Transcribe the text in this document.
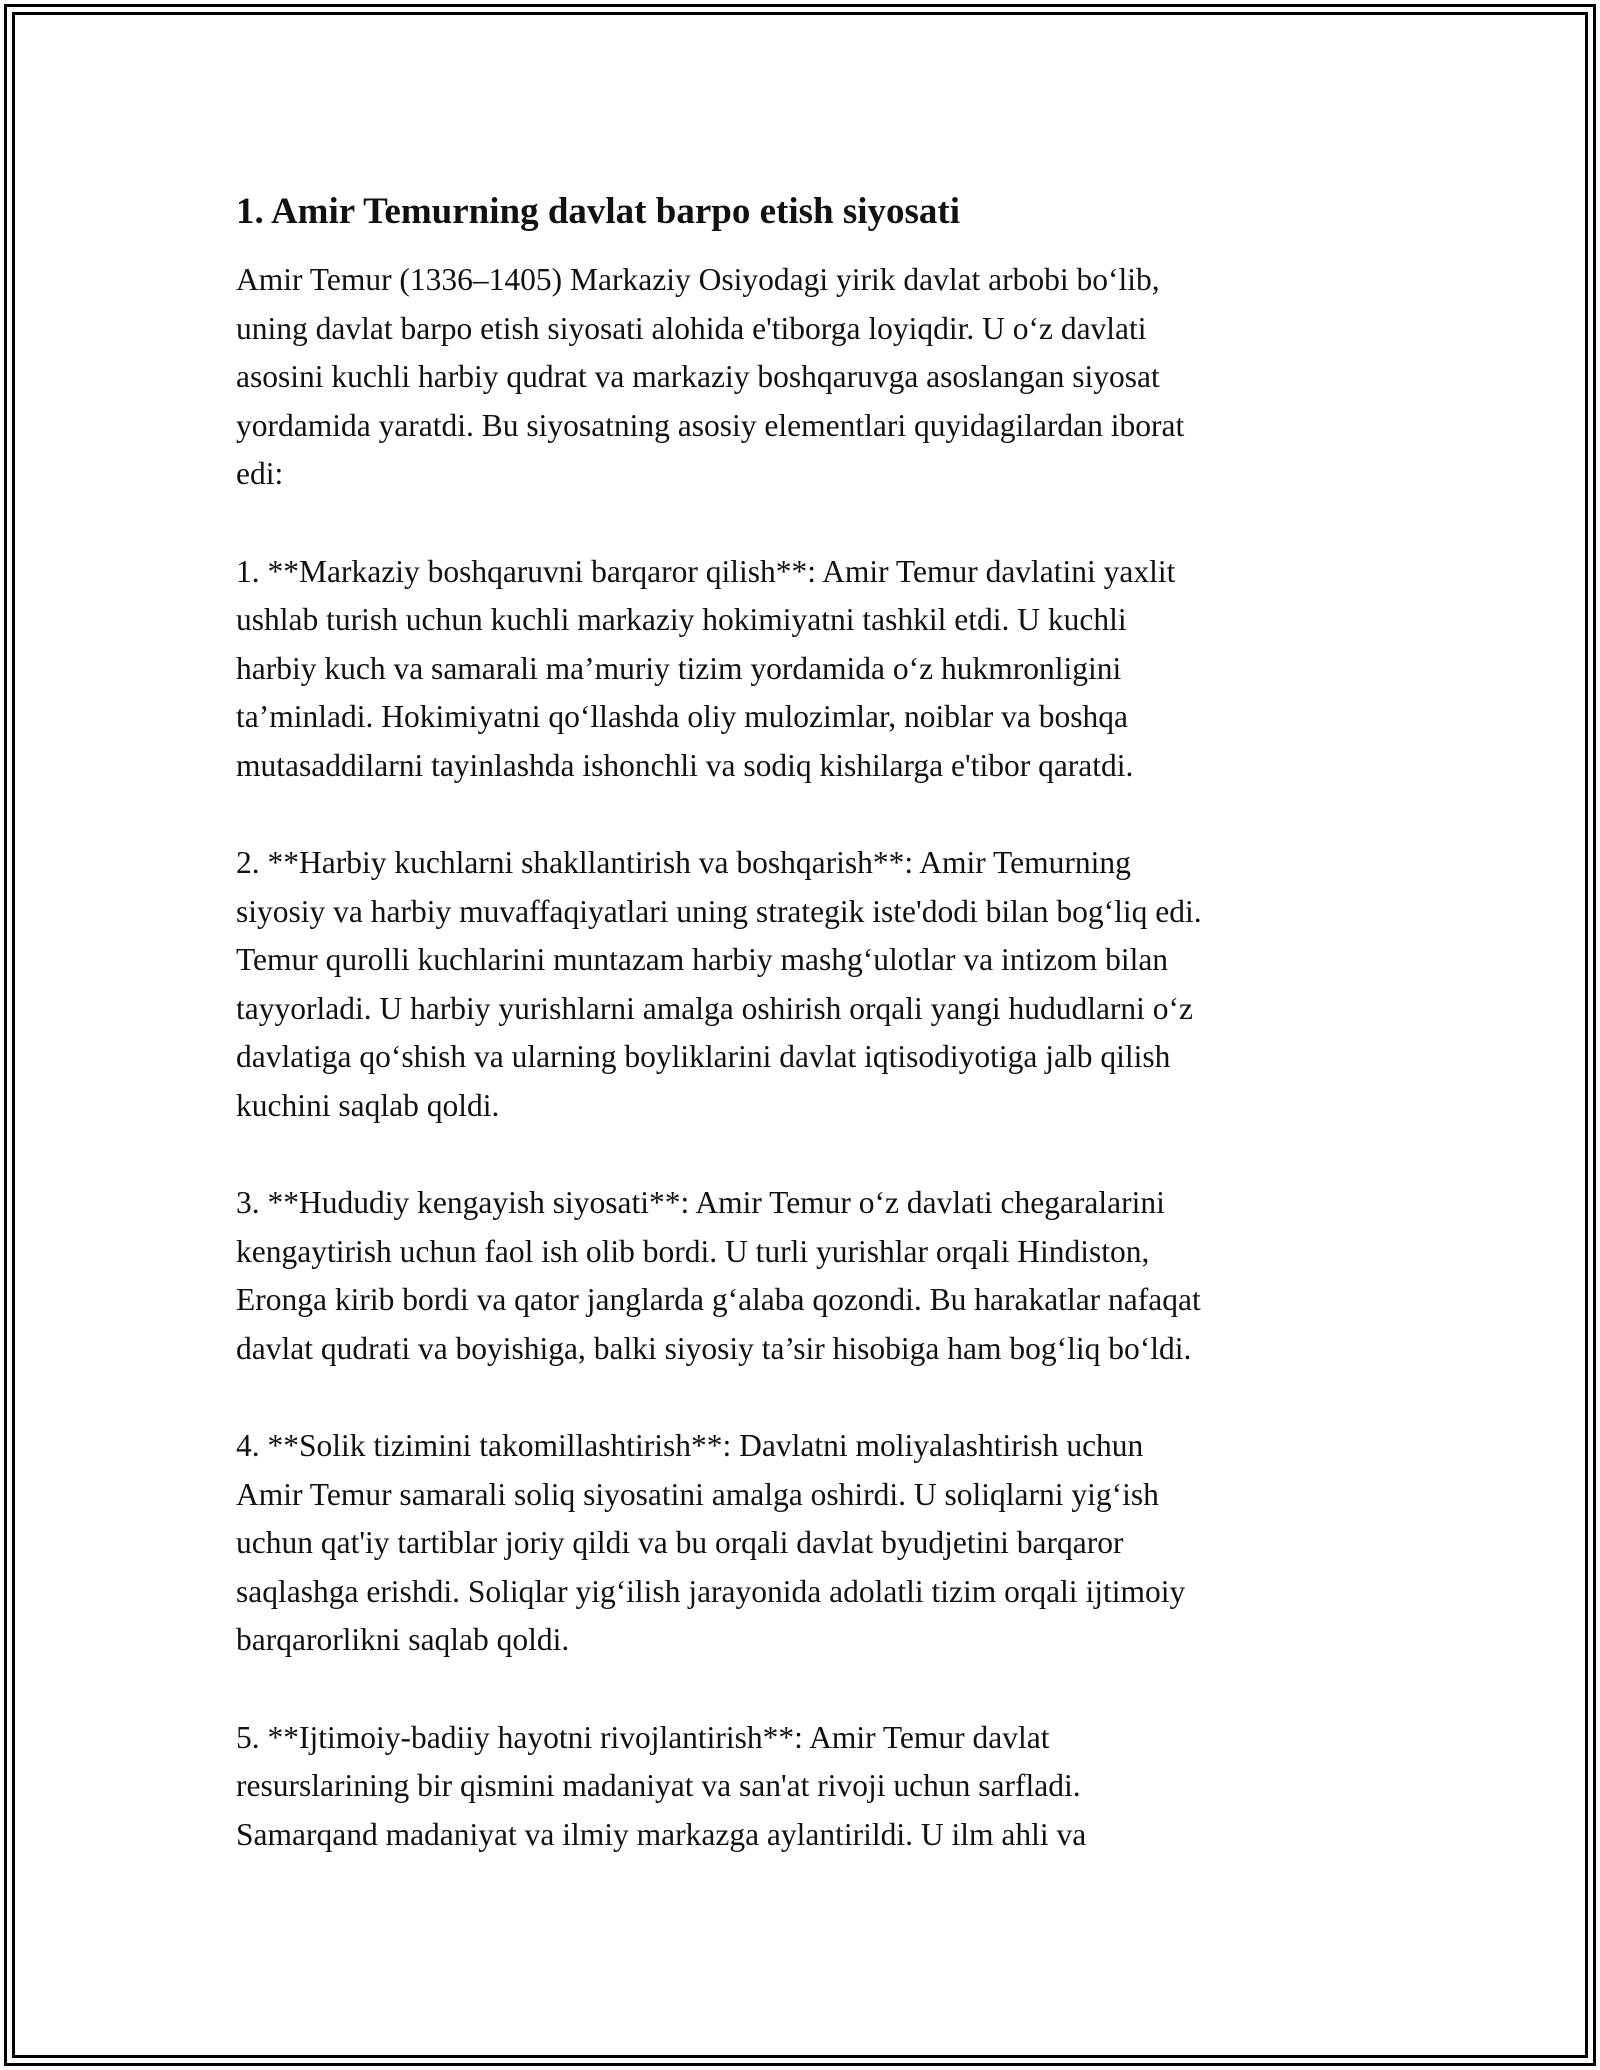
1. Amir Temurning davlat barpo etish siyosati

Amir Temur (1336–1405) Markaziy Osiyodagi yirik davlat arbobi bo‘lib,
uning davlat barpo etish siyosati alohida e'tiborga loyiqdir. U o‘z davlati
asosini kuchli harbiy qudrat va markaziy boshqaruvga asoslangan siyosat
yordamida yaratdi. Bu siyosatning asosiy elementlari quyidagilardan iborat
edi:

1. **Markaziy boshqaruvni barqaror qilish**: Amir Temur davlatini yaxlit
ushlab turish uchun kuchli markaziy hokimiyatni tashkil etdi. U kuchli
harbiy kuch va samarali ma’muriy tizim yordamida o‘z hukmronligini
ta’minladi. Hokimiyatni qo‘llashda oliy mulozimlar, noiblar va boshqa
mutasaddilarni tayinlashda ishonchli va sodiq kishilarga e'tibor qaratdi.

2. **Harbiy kuchlarni shakllantirish va boshqarish**: Amir Temurning
siyosiy va harbiy muvaffaqiyatlari uning strategik iste'dodi bilan bog‘liq edi.
Temur qurolli kuchlarini muntazam harbiy mashg‘ulotlar va intizom bilan
tayyorladi. U harbiy yurishlarni amalga oshirish orqali yangi hududlarni o‘z
davlatiga qo‘shish va ularning boyliklarini davlat iqtisodiyotiga jalb qilish
kuchini saqlab qoldi.

3. **Hududiy kengayish siyosati**: Amir Temur o‘z davlati chegaralarini
kengaytirish uchun faol ish olib bordi. U turli yurishlar orqali Hindiston,
Eronga kirib bordi va qator janglarda g‘alaba qozondi. Bu harakatlar nafaqat
davlat qudrati va boyishiga, balki siyosiy ta’sir hisobiga ham bog‘liq bo‘ldi.

4. **Solik tizimini takomillashtirish**: Davlatni moliyalashtirish uchun
Amir Temur samarali soliq siyosatini amalga oshirdi. U soliqlarni yig‘ish
uchun qat'iy tartiblar joriy qildi va bu orqali davlat byudjetini barqaror
saqlashga erishdi. Soliqlar yig‘ilish jarayonida adolatli tizim orqali ijtimoiy
barqarorlikni saqlab qoldi.

5. **Ijtimoiy-badiiy hayotni rivojlantirish**: Amir Temur davlat
resurslarining bir qismini madaniyat va san'at rivoji uchun sarfladi.
Samarqand madaniyat va ilmiy markazga aylantirildi. U ilm ahli va
